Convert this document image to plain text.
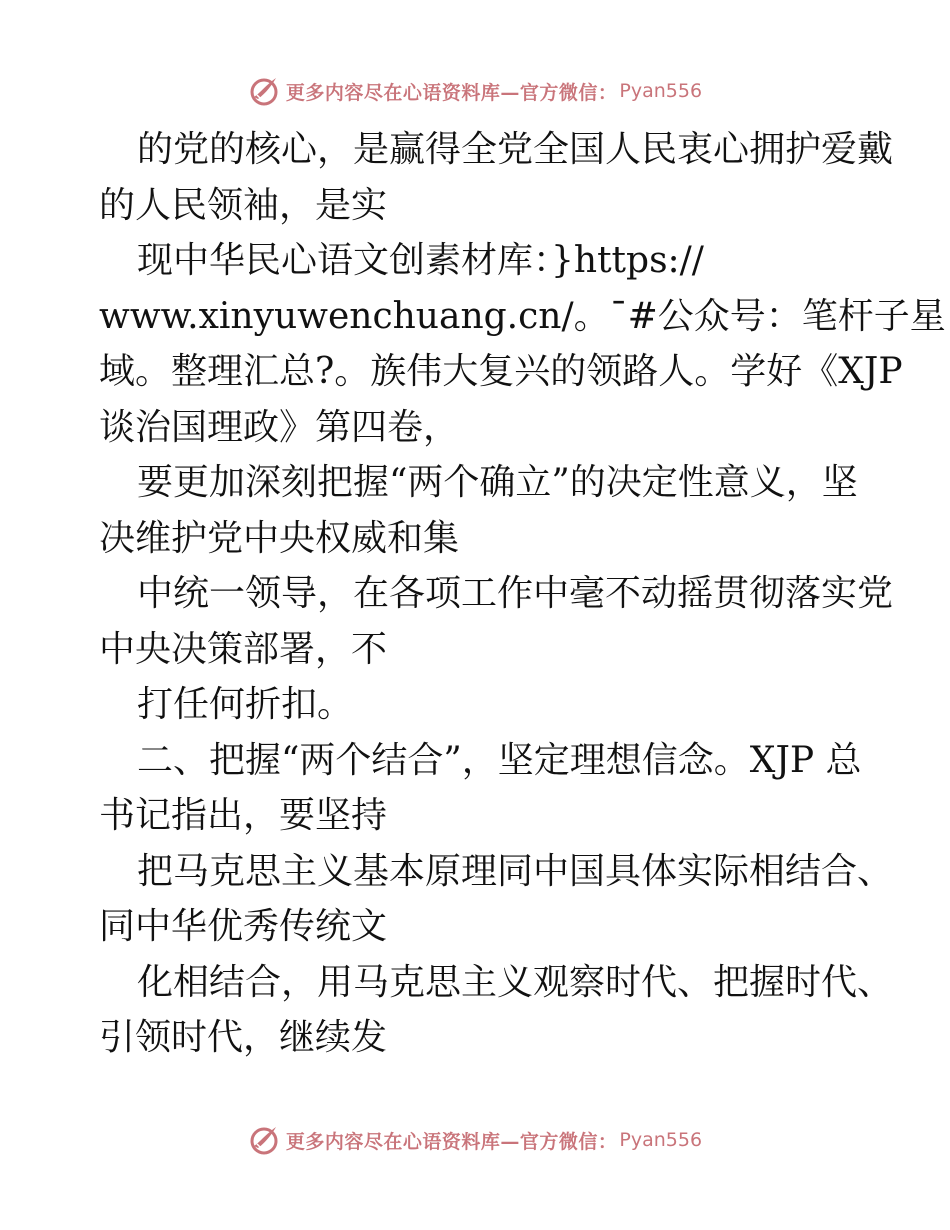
更多内容尽在心语资料库—官方微信： Pyan556
的党的核心，是赢得全党全国人民衷心拥护爱戴
的人民领袖，是实
现中华民心语文创素材库：}https://
www.xinyuwenchuang.cn/。¯#公众号：笔杆子星
域。整理汇总?。族伟大复兴的领路人。学好《XJP
谈治国理政》第四卷，
要更加深刻把握“两个确立”的决定性意义，坚
决维护党中央权威和集
中统一领导，在各项工作中毫不动摇贯彻落实党
中央决策部署，不
打任何折扣。
二、把握“两个结合”，坚定理想信念。XJP 总
书记指出，要坚持
把马克思主义基本原理同中国具体实际相结合、
同中华优秀传统文
化相结合，用马克思主义观察时代、把握时代、
引领时代，继续发
更多内容尽在心语资料库—官方微信： Pyan556
